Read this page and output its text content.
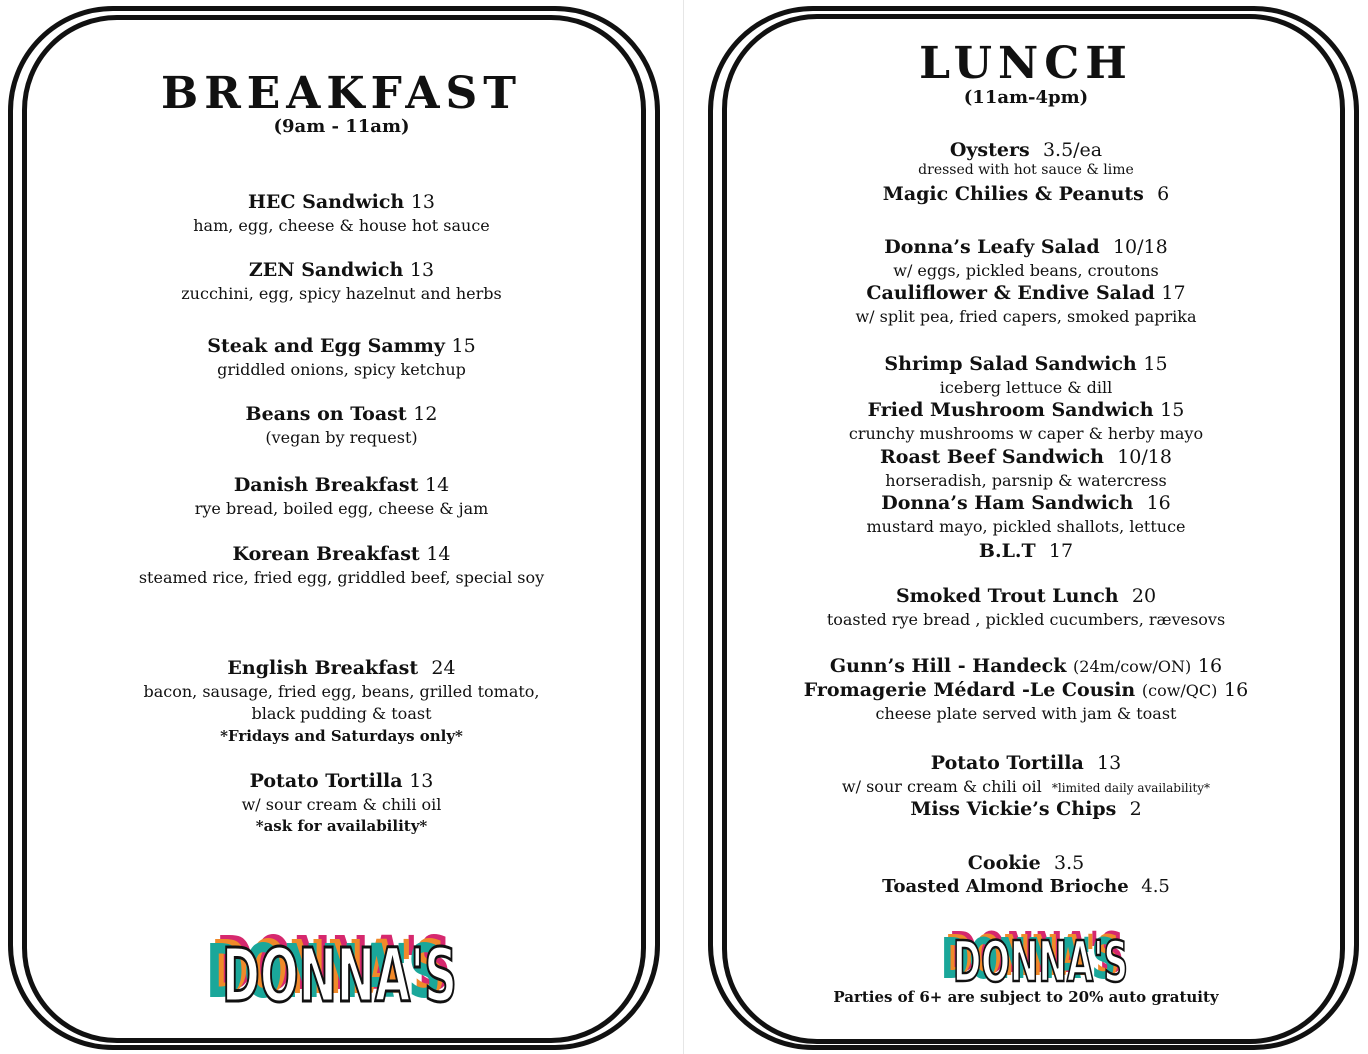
BREAKFAST
(9am - 11am)
HEC Sandwich 13
ham, egg, cheese & house hot sauce
ZEN Sandwich 13
zucchini, egg, spicy hazelnut and herbs
Steak and Egg Sammy 15
griddled onions, spicy ketchup
Beans on Toast 12
(vegan by request)
Danish Breakfast 14
rye bread, boiled egg, cheese & jam
Korean Breakfast 14
steamed rice, fried egg, griddled beef, special soy
English Breakfast 24
bacon, sausage, fried egg, beans, grilled tomato,
black pudding & toast
*Fridays and Saturdays only*
Potato Tortilla 13
w/ sour cream & chili oil
*ask for availability*
DONNA'S
DONNA'S
DONNA'S
DONNA'S
LUNCH
(11am-4pm)
Oysters 3.5/ea
dressed with hot sauce & lime
Magic Chilies & Peanuts 6
Donna’s Leafy Salad 10/18
w/ eggs, pickled beans, croutons
Cauliflower & Endive Salad 17
w/ split pea, fried capers, smoked paprika
Shrimp Salad Sandwich 15
iceberg lettuce & dill
Fried Mushroom Sandwich 15
crunchy mushrooms w caper & herby mayo
Roast Beef Sandwich 10/18
horseradish, parsnip & watercress
Donna’s Ham Sandwich 16
mustard mayo, pickled shallots, lettuce
B.L.T 17
Smoked Trout Lunch 20
toasted rye bread , pickled cucumbers, rævesovs
Gunn’s Hill - Handeck (24m/cow/ON) 16
Fromagerie Médard -Le Cousin (cow/QC) 16
cheese plate served with jam & toast
Potato Tortilla 13
w/ sour cream & chili oil *limited daily availability*
Miss Vickie’s Chips 2
Cookie 3.5
Toasted Almond Brioche 4.5
DONNA'S
DONNA'S
DONNA'S
DONNA'S
Parties of 6+ are subject to 20% auto gratuity
